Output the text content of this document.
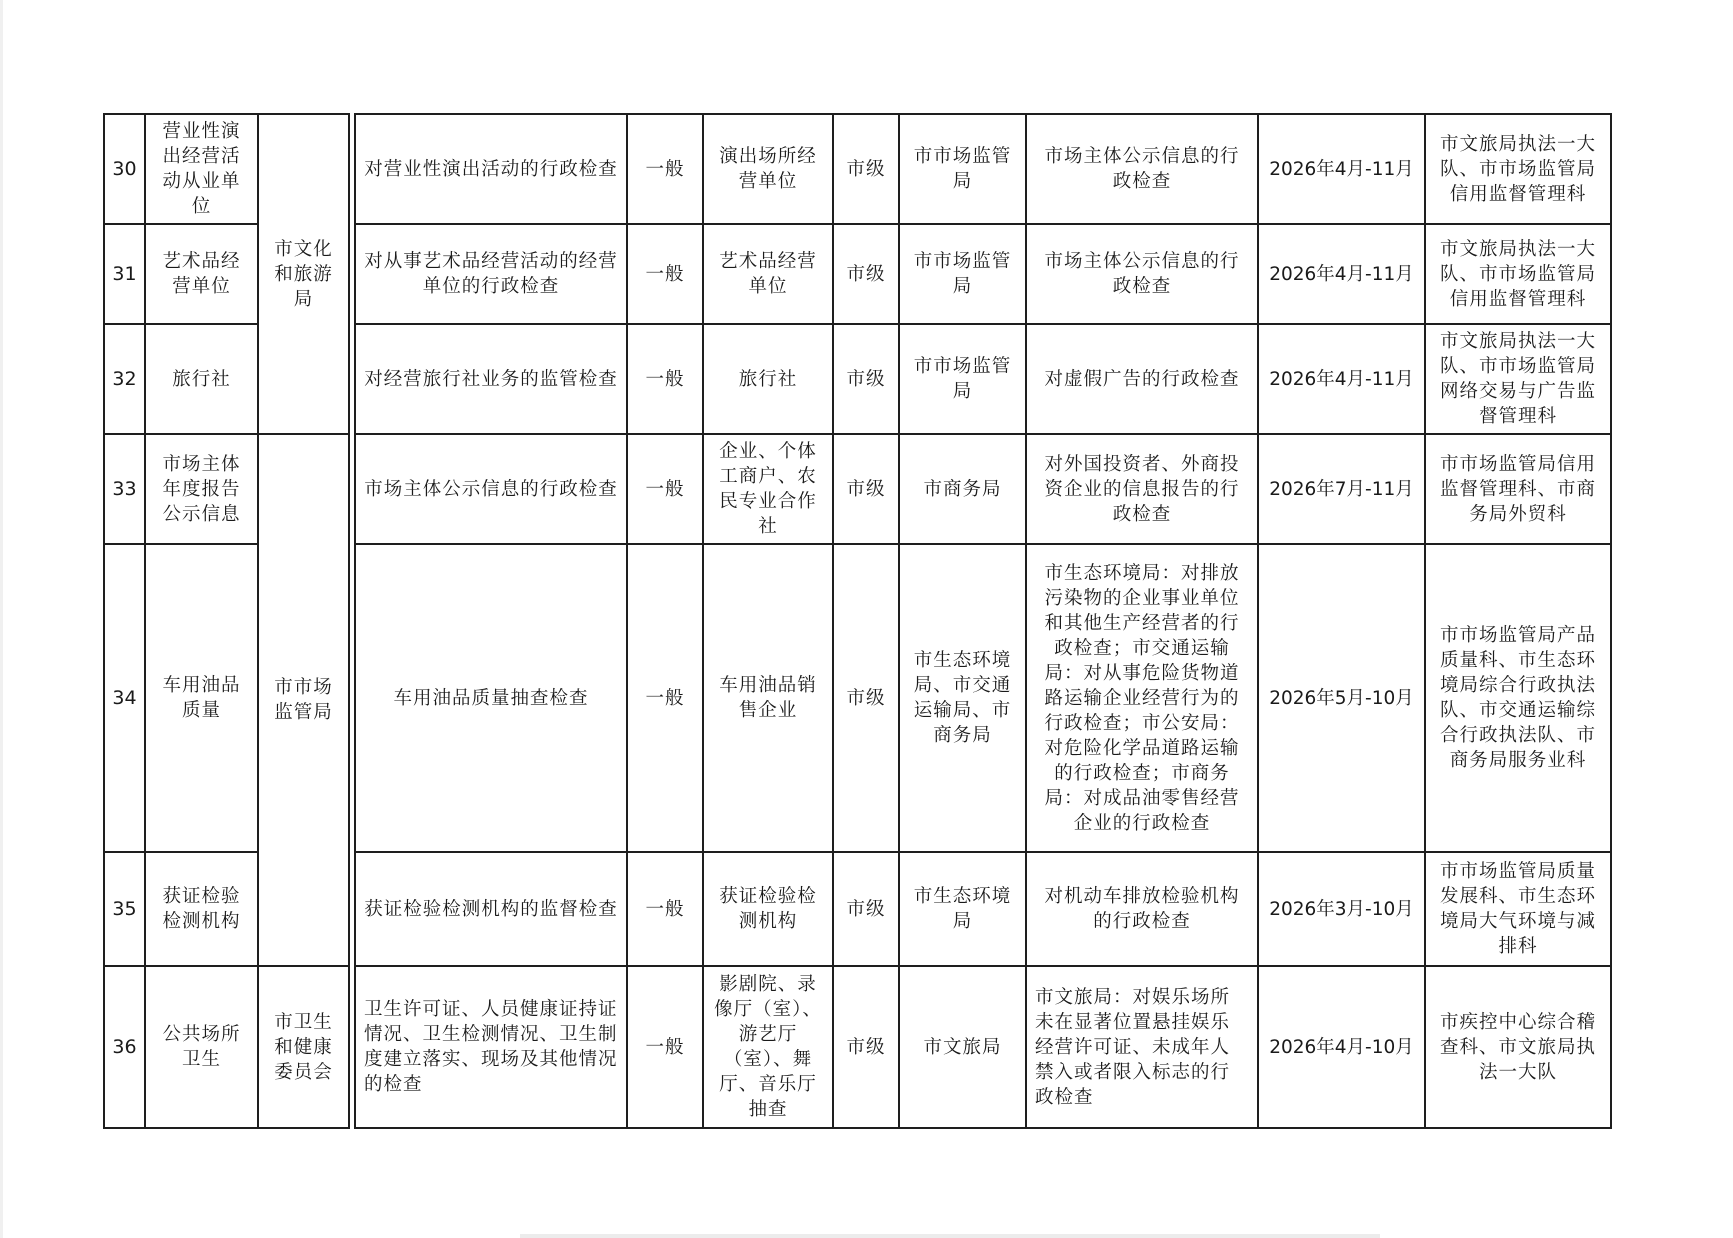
30	营业性演出经营活动从业单位	市文化和旅游局		对营业性演出活动的行政检查	一般	演出场所经营单位	市级	市市场监管局	市场主体公示信息的行政检查	2026年4月-11月	市文旅局执法一大队、市市场监管局信用监督管理科
31	艺术品经营单位			对从事艺术品经营活动的经营单位的行政检查	一般	艺术品经营单位	市级	市市场监管局	市场主体公示信息的行政检查	2026年4月-11月	市文旅局执法一大队、市市场监管局信用监督管理科
32	旅行社			对经营旅行社业务的监管检查	一般	旅行社	市级	市市场监管局	对虚假广告的行政检查	2026年4月-11月	市文旅局执法一大队、市市场监管局网络交易与广告监督管理科
33	市场主体年度报告公示信息	市市场监管局		市场主体公示信息的行政检查	一般	企业、个体工商户、农民专业合作社	市级	市商务局	对外国投资者、外商投资企业的信息报告的行政检查	2026年7月-11月	市市场监管局信用监督管理科、市商务局外贸科
34	车用油品质量			车用油品质量抽查检查	一般	车用油品销售企业	市级	市生态环境局、市交通运输局、市商务局	市生态环境局：对排放污染物的企业事业单位和其他生产经营者的行政检查；市交通运输局：对从事危险货物道路运输企业经营行为的行政检查；市公安局：对危险化学品道路运输的行政检查；市商务局：对成品油零售经营企业的行政检查	2026年5月-10月	市市场监管局产品质量科、市生态环境局综合行政执法队、市交通运输综合行政执法队、市商务局服务业科
35	获证检验检测机构			获证检验检测机构的监督检查	一般	获证检验检测机构	市级	市生态环境局	对机动车排放检验机构的行政检查	2026年3月-10月	市市场监管局质量发展科、市生态环境局大气环境与减排科
36	公共场所卫生	市卫生和健康委员会		卫生许可证、人员健康证持证情况、卫生检测情况、卫生制度建立落实、现场及其他情况的检查	一般	影剧院、录像厅（室）、游艺厅（室）、舞厅、音乐厅抽查	市级	市文旅局	市文旅局：对娱乐场所未在显著位置悬挂娱乐经营许可证、未成年人禁入或者限入标志的行政检查	2026年4月-10月	市疾控中心综合稽查科、市文旅局执法一大队
